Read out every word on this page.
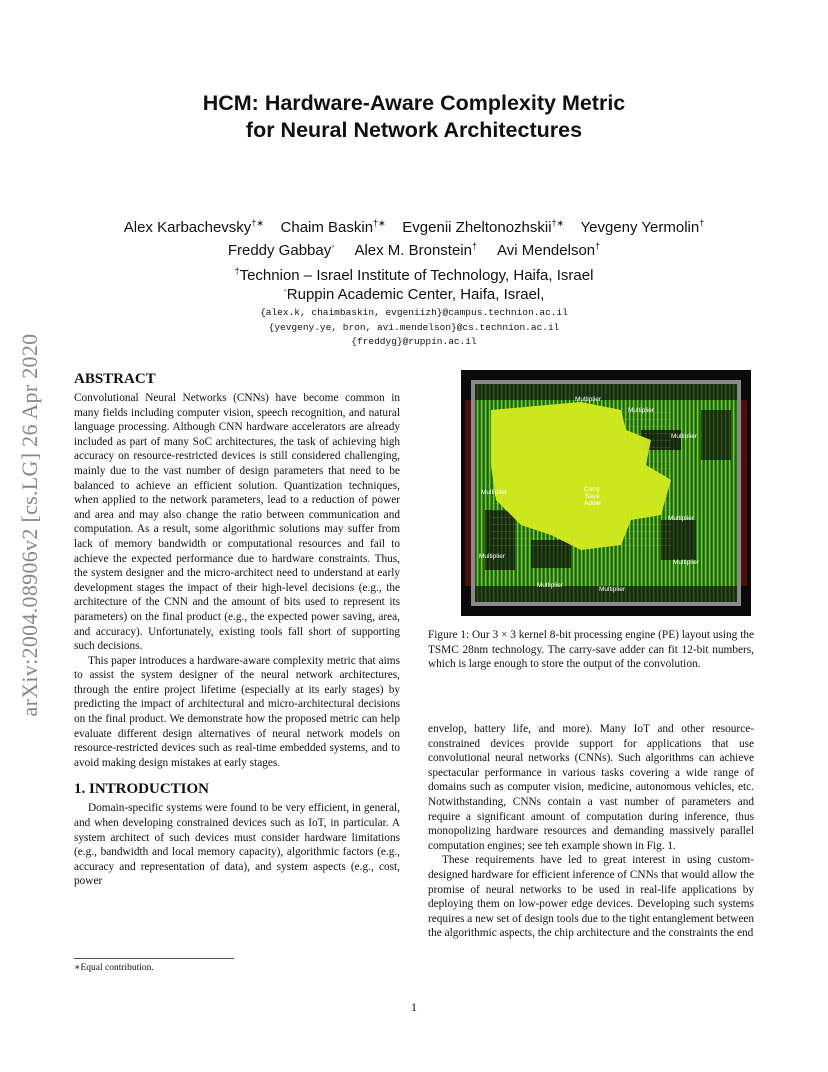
HCM: Hardware-Aware Complexity Metric
for Neural Network Architectures
Alex Karbachevsky†∗ Chaim Baskin†∗ Evgenii Zheltonozhskii†∗ Yevgeny Yermolin†
Freddy Gabbay◦ Alex M. Bronstein† Avi Mendelson†
†Technion – Israel Institute of Technology, Haifa, Israel
◦Ruppin Academic Center, Haifa, Israel,
{alex.k, chaimbaskin, evgeniizh}@campus.technion.ac.il
{yevgeny.ye, bron, avi.mendelson}@cs.technion.ac.il
{freddyg}@ruppin.ac.il
arXiv:2004.08906v2 [cs.LG] 26 Apr 2020 ABSTRACT

Convolutional Neural Networks (CNNs) have become common in many fields including computer vision, speech recognition, and natural language processing. Although CNN hardware accelerators are already included as part of many SoC architectures, the task of achieving high accuracy on resource-restricted devices is still considered challenging, mainly due to the vast number of design parameters that need to be balanced to achieve an efficient solution. Quantization techniques, when applied to the network parameters, lead to a reduction of power and area and may also change the ratio between communication and computation. As a result, some algorithmic solutions may suffer from lack of memory bandwidth or computational resources and fail to achieve the expected performance due to hardware constraints. Thus, the system designer and the micro-architect need to understand at early development stages the impact of their high-level decisions (e.g., the architecture of the CNN and the amount of bits used to represent its parameters) on the final product (e.g., the expected power saving, area, and accuracy). Unfortunately, existing tools fall short of supporting such decisions.

This paper introduces a hardware-aware complexity metric that aims to assist the system designer of the neural network architectures, through the entire project lifetime (especially at its early stages) by predicting the impact of architectural and micro-architectural decisions on the final product. We demonstrate how the proposed metric can help evaluate different design alternatives of neural network models on resource-restricted devices such as real-time embedded systems, and to avoid making design mistakes at early stages.

1. INTRODUCTION

Domain-specific systems were found to be very efficient, in general, and when developing constrained devices such as IoT, in particular. A system architect of such devices must consider hardware limitations (e.g., bandwidth and local memory capacity), algorithmic factors (e.g., accuracy and representation of data), and system aspects (e.g., cost, power

∗Equal contribution.
Multiplier
Multiplier
Multiplier
Multiplier
Multiplier
Multiplier
Multiplier
Multiplier
Multiplier
Carry
Save
Adder
Figure 1: Our 3 × 3 kernel 8-bit processing engine (PE) layout using the TSMC 28nm technology. The carry-save adder can fit 12-bit numbers, which is large enough to store the output of the convolution.

envelop, battery life, and more). Many IoT and other resource-constrained devices provide support for applications that use convolutional neural networks (CNNs). Such algorithms can achieve spectacular performance in various tasks covering a wide range of domains such as computer vision, medicine, autonomous vehicles, etc. Notwithstanding, CNNs contain a vast number of parameters and require a significant amount of computation during inference, thus monopolizing hardware resources and demanding massively parallel computation engines; see teh example shown in Fig. 1.

These requirements have led to great interest in using custom-designed hardware for efficient inference of CNNs that would allow the promise of neural networks to be used in real-life applications by deploying them on low-power edge devices. Developing such systems requires a new set of design tools due to the tight entanglement between the algorithmic aspects, the chip architecture and the constraints the end

1
